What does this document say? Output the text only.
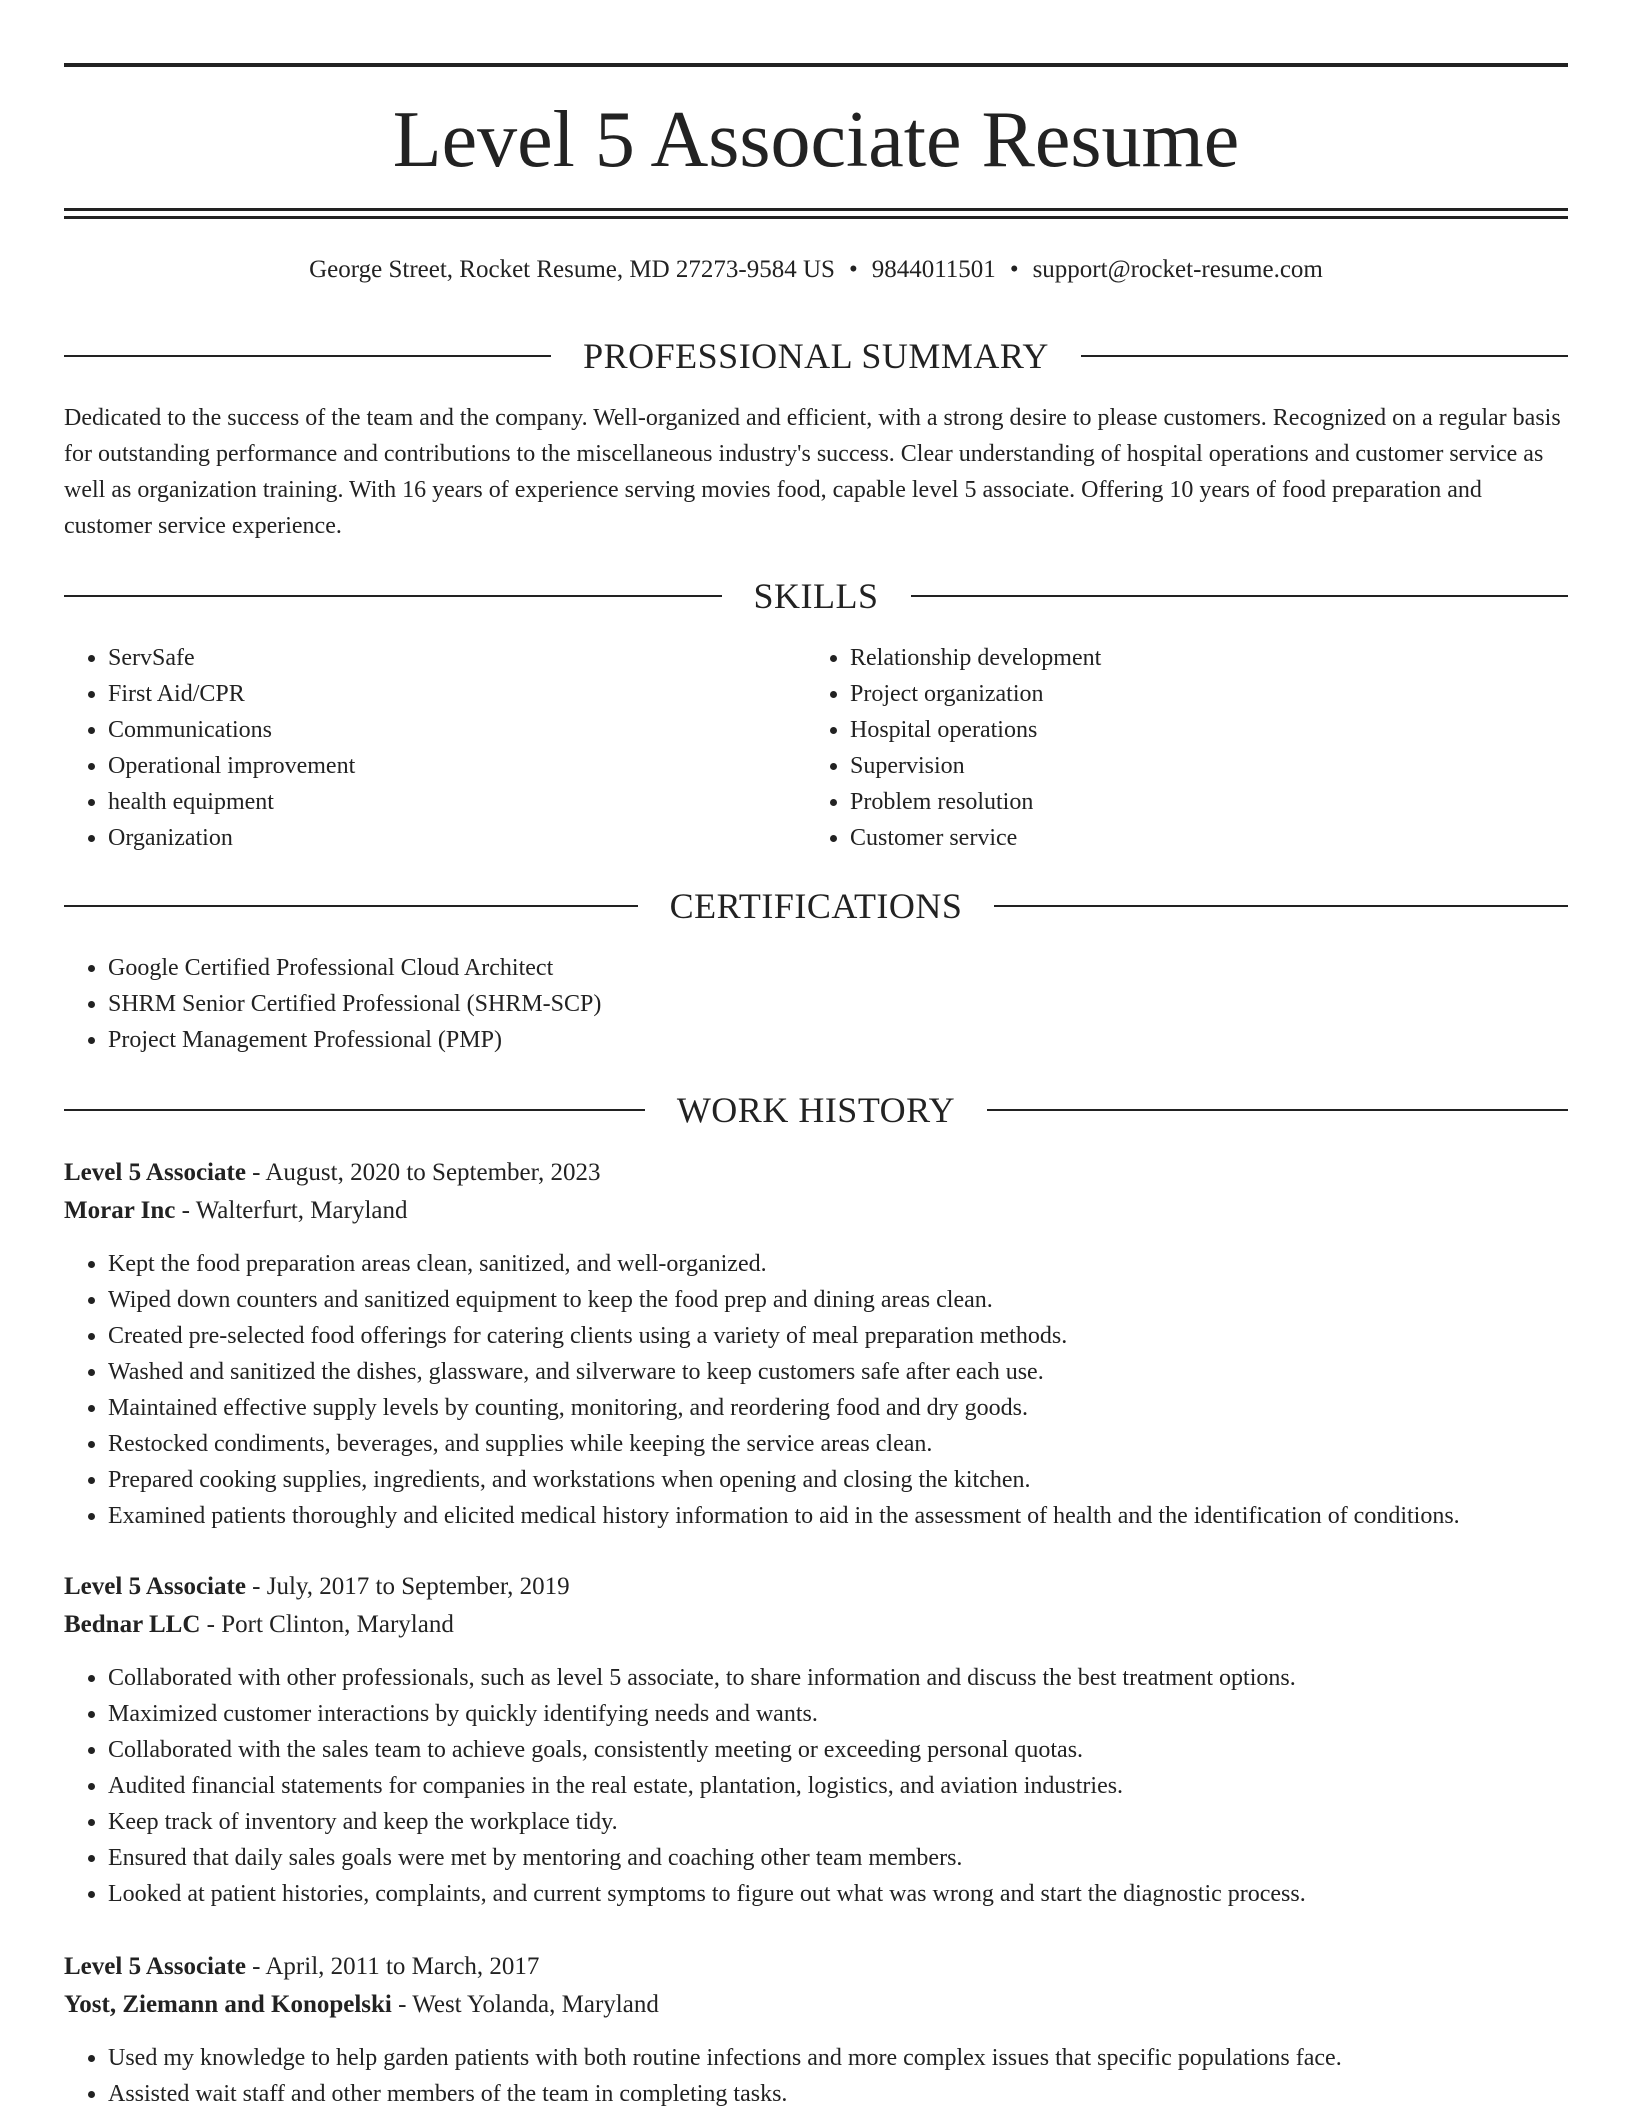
Level 5 Associate Resume
George Street, Rocket Resume, MD 27273-9584 US • 9844011501 • support@rocket-resume.com
PROFESSIONAL SUMMARY

Dedicated to the success of the team and the company. Well-organized and efficient, with a strong desire to please customers. Recognized on a regular basis for outstanding performance and contributions to the miscellaneous industry's success. Clear understanding of hospital operations and customer service as well as organization training. With 16 years of experience serving movies food, capable level 5 associate. Offering 10 years of food preparation and customer service experience.

SKILLS
• ServSafe
• First Aid/CPR
• Communications
• Operational improvement
• health equipment
• Organization
• Relationship development
• Project organization
• Hospital operations
• Supervision
• Problem resolution
• Customer service
CERTIFICATIONS
• Google Certified Professional Cloud Architect
• SHRM Senior Certified Professional (SHRM-SCP)
• Project Management Professional (PMP)
WORK HISTORY
Level 5 Associate - August, 2020 to September, 2023
Morar Inc - Walterfurt, Maryland
• Kept the food preparation areas clean, sanitized, and well-organized.
• Wiped down counters and sanitized equipment to keep the food prep and dining areas clean.
• Created pre-selected food offerings for catering clients using a variety of meal preparation methods.
• Washed and sanitized the dishes, glassware, and silverware to keep customers safe after each use.
• Maintained effective supply levels by counting, monitoring, and reordering food and dry goods.
• Restocked condiments, beverages, and supplies while keeping the service areas clean.
• Prepared cooking supplies, ingredients, and workstations when opening and closing the kitchen.
• Examined patients thoroughly and elicited medical history information to aid in the assessment of health and the identification of conditions.
Level 5 Associate - July, 2017 to September, 2019
Bednar LLC - Port Clinton, Maryland
• Collaborated with other professionals, such as level 5 associate, to share information and discuss the best treatment options.
• Maximized customer interactions by quickly identifying needs and wants.
• Collaborated with the sales team to achieve goals, consistently meeting or exceeding personal quotas.
• Audited financial statements for companies in the real estate, plantation, logistics, and aviation industries.
• Keep track of inventory and keep the workplace tidy.
• Ensured that daily sales goals were met by mentoring and coaching other team members.
• Looked at patient histories, complaints, and current symptoms to figure out what was wrong and start the diagnostic process.
Level 5 Associate - April, 2011 to March, 2017
Yost, Ziemann and Konopelski - West Yolanda, Maryland
• Used my knowledge to help garden patients with both routine infections and more complex issues that specific populations face.
• Assisted wait staff and other members of the team in completing tasks.
